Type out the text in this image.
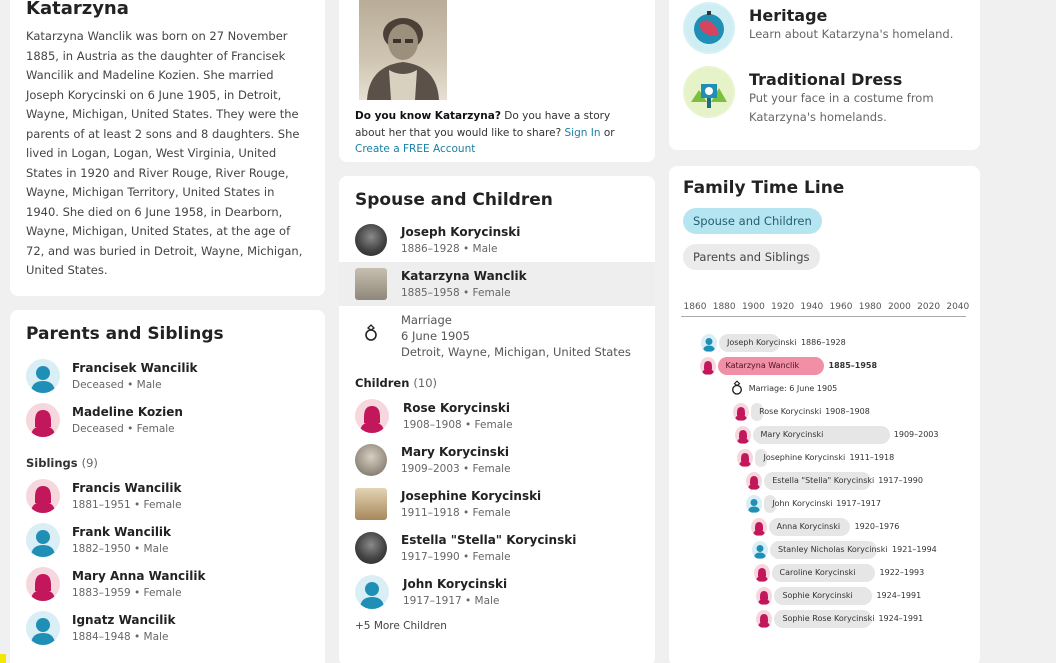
Katarzyna

Katarzyna Wanclik was born on 27 November 1885, in Austria as the daughter of Francisek Wancilik and Madeline Kozien. She married Joseph Korycinski on 6 June 1905, in Detroit, Wayne, Michigan, United States. They were the parents of at least 2 sons and 8 daughters. She lived in Logan, Logan, West Virginia, United States in 1920 and River Rouge, River Rouge, Wayne, Michigan Territory, United States in 1940. She died on 6 June 1958, in Dearborn, Wayne, Michigan, United States, at the age of 72, and was buried in Detroit, Wayne, Michigan, United States.

Parents and Siblings
Francisek Wancilik
Deceased • Male
Madeline Kozien
Deceased • Female
Siblings (9)
Francis Wancilik
1881–1951 • Female
Frank Wancilik
1882–1950 • Male
Mary Anna Wancilik
1883–1959 • Female
Ignatz Wancilik
1884–1948 • Male
Do you know Katarzyna? Do you have a story about her that you would like to share? Sign In or Create a FREE Account
Spouse and Children
Joseph Korycinski
1886–1928 • Male
Katarzyna Wanclik
1885–1958 • Female
Marriage
6 June 1905
Detroit, Wayne, Michigan, United States
Children (10)
Rose Korycinski
1908–1908 • Female
Mary Korycinski
1909–2003 • Female
Josephine Korycinski
1911–1918 • Female
Estella "Stella" Korycinski
1917–1990 • Female
John Korycinski
1917–1917 • Male
+5 More Children
Heritage
Learn about Katarzyna's homeland.
Traditional Dress
Put your face in a costume from Katarzyna's homelands.
Family Time Line
Spouse and Children
Parents and Siblings
1860 1880 1900 1920 1940 1960 1980 2000 2020 2040
Joseph Korycinski 1886–1928
Katarzyna Wanclik	1885–1958
Marriage: 6 June 1905
Rose Korycinski 1908–1908
Mary Korycinski	1909–2003
Josephine Korycinski 1911–1918
Estella "Stella" Korycinski 1917–1990
John Korycinski 1917–1917
Anna Korycinski	1920–1976
Stanley Nicholas Korycinski 1921–1994
Caroline Korycinski	1922–1993
Sophie Korycinski	1924–1991
Sophie Rose Korycinski 1924–1991
